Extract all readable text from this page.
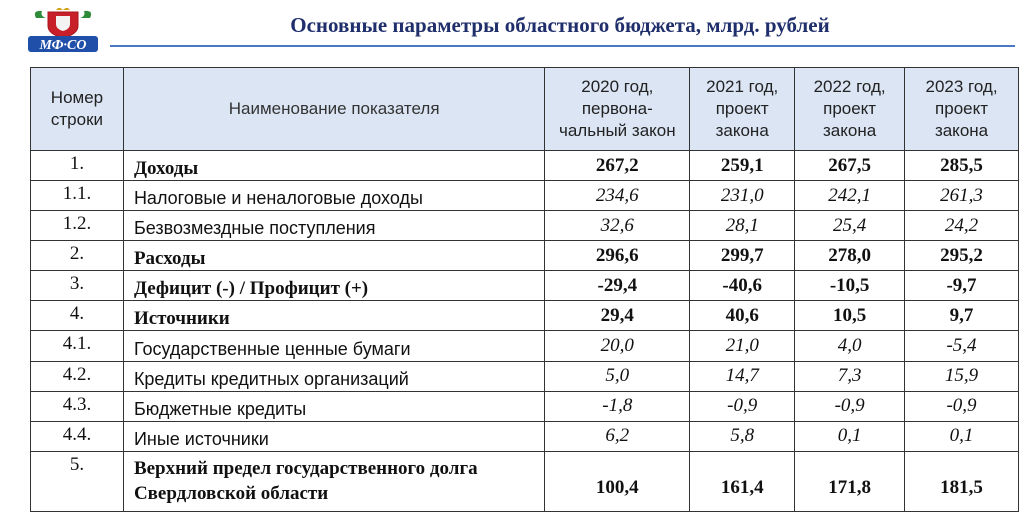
МФ·СО
Основные параметры областного бюджета, млрд. рублей
Номер строки	Наименование показателя	2020 год, первона-чальный закон	2021 год, проект закона	2022 год, проект закона	2023 год, проект закона
1.	Доходы	267,2	259,1	267,5	285,5
1.1.	Налоговые и неналоговые доходы	234,6	231,0	242,1	261,3
1.2.	Безвозмездные поступления	32,6	28,1	25,4	24,2
2.	Расходы	296,6	299,7	278,0	295,2
3.	Дефицит (-) / Профицит (+)	-29,4	-40,6	-10,5	-9,7
4.	Источники	29,4	40,6	10,5	9,7
4.1.	Государственные ценные бумаги	20,0	21,0	4,0	-5,4
4.2.	Кредиты кредитных организаций	5,0	14,7	7,3	15,9
4.3.	Бюджетные кредиты	-1,8	-0,9	-0,9	-0,9
4.4.	Иные источники	6,2	5,8	0,1	0,1
5.	Верхний предел государственного долга Свердловской области	100,4	161,4	171,8	181,5
